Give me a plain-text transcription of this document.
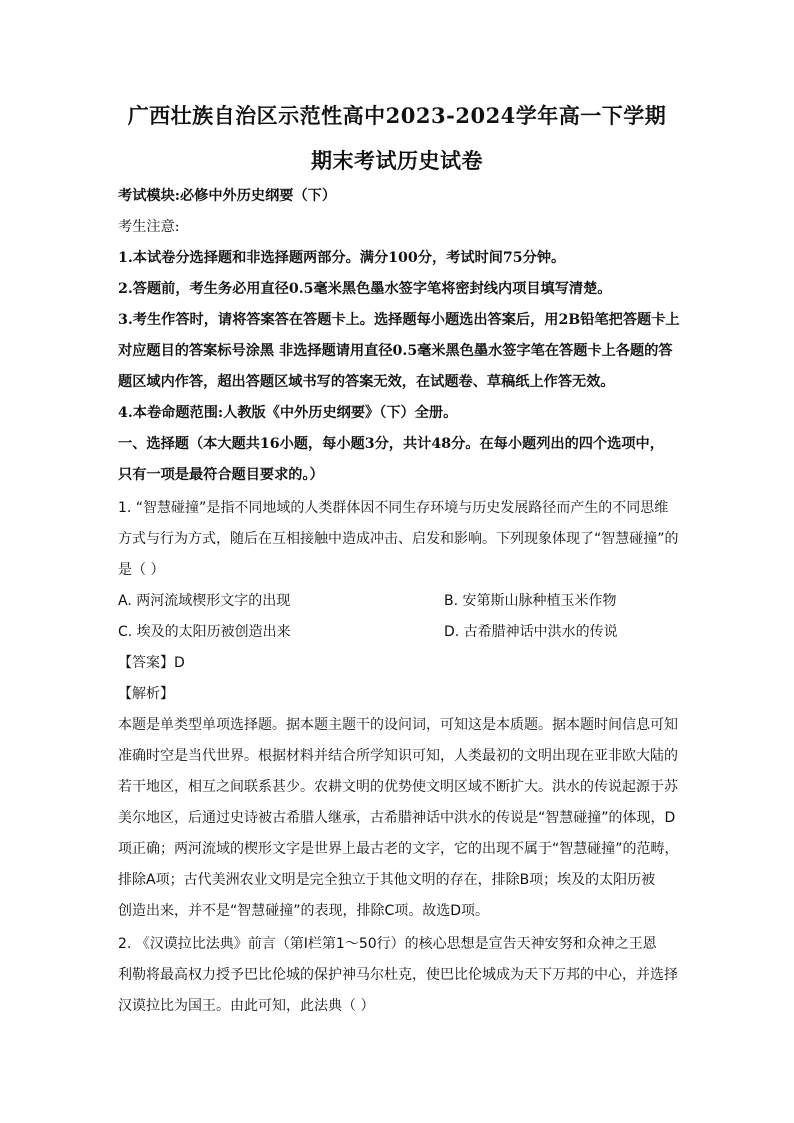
广西壮族自治区示范性高中2023-2024学年高一下学期
期末考试历史试卷
考试模块:必修中外历史纲要（下）
考生注意:
1.本试卷分选择题和非选择题两部分。满分100分，考试时间75分钟。
2.答题前，考生务必用直径0.5毫米黑色墨水签字笔将密封线内项目填写清楚。
3.考生作答时，请将答案答在答题卡上。选择题每小题选出答案后，用2B铅笔把答题卡上
对应题目的答案标号涂黑 非选择题请用直径0.5毫米黑色墨水签字笔在答题卡上各题的答
题区域内作答，超出答题区域书写的答案无效，在试题卷、草稿纸上作答无效。
4.本卷命题范围:人教版《中外历史纲要》（下）全册。
一、选择题（本大题共16小题，每小题3分，共计48分。在每小题列出的四个选项中，
只有一项是最符合题目要求的。）
1. “智慧碰撞”是指不同地域的人类群体因不同生存环境与历史发展路径而产生的不同思维
方式与行为方式，随后在互相接触中造成冲击、启发和影响。下列现象体现了“智慧碰撞”的
是（ ）
A. 两河流域楔形文字的出现	B. 安第斯山脉种植玉米作物
C. 埃及的太阳历被创造出来	D. 古希腊神话中洪水的传说
【答案】D
【解析】
本题是单类型单项选择题。据本题主题干的设问词，可知这是本质题。据本题时间信息可知
准确时空是当代世界。根据材料并结合所学知识可知，人类最初的文明出现在亚非欧大陆的
若干地区，相互之间联系甚少。农耕文明的优势使文明区域不断扩大。洪水的传说起源于苏
美尔地区，后通过史诗被古希腊人继承，古希腊神话中洪水的传说是“智慧碰撞”的体现，D
项正确；两河流域的楔形文字是世界上最古老的文字，它的出现不属于“智慧碰撞”的范畴，
排除A项；古代美洲农业文明是完全独立于其他文明的存在，排除B项；埃及的太阳历被
创造出来，并不是“智慧碰撞”的表现，排除C项。故选D项。
2. 《汉谟拉比法典》前言（第Ⅰ栏第1～50行）的核心思想是宣告天神安努和众神之王恩
利勒将最高权力授予巴比伦城的保护神马尔杜克，使巴比伦城成为天下万邦的中心，并选择
汉谟拉比为国王。由此可知，此法典（ ）
